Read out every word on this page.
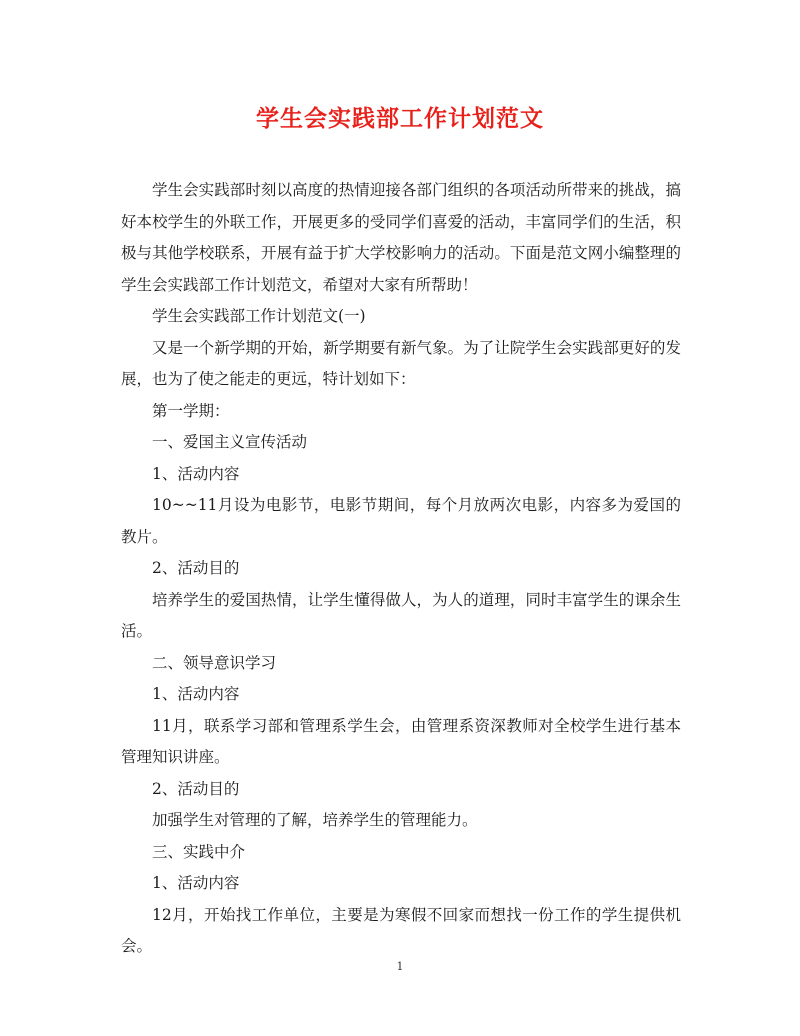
学生会实践部工作计划范文

学生会实践部时刻以高度的热情迎接各部门组织的各项活动所带来的挑战，搞好本校学生的外联工作，开展更多的受同学们喜爱的活动，丰富同学们的生活，积极与其他学校联系，开展有益于扩大学校影响力的活动。下面是范文网小编整理的学生会实践部工作计划范文，希望对大家有所帮助！

学生会实践部工作计划范文(一)

又是一个新学期的开始，新学期要有新气象。为了让院学生会实践部更好的发展，也为了使之能走的更远，特计划如下：

第一学期：

一、爱国主义宣传活动

1、活动内容

10~~11月设为电影节，电影节期间，每个月放两次电影，内容多为爱国的教片。

2、活动目的

培养学生的爱国热情，让学生懂得做人，为人的道理，同时丰富学生的课余生活。

二、领导意识学习

1、活动内容

11月，联系学习部和管理系学生会，由管理系资深教师对全校学生进行基本管理知识讲座。

2、活动目的

加强学生对管理的了解，培养学生的管理能力。

三、实践中介

1、活动内容

12月，开始找工作单位，主要是为寒假不回家而想找一份工作的学生提供机会。

1
